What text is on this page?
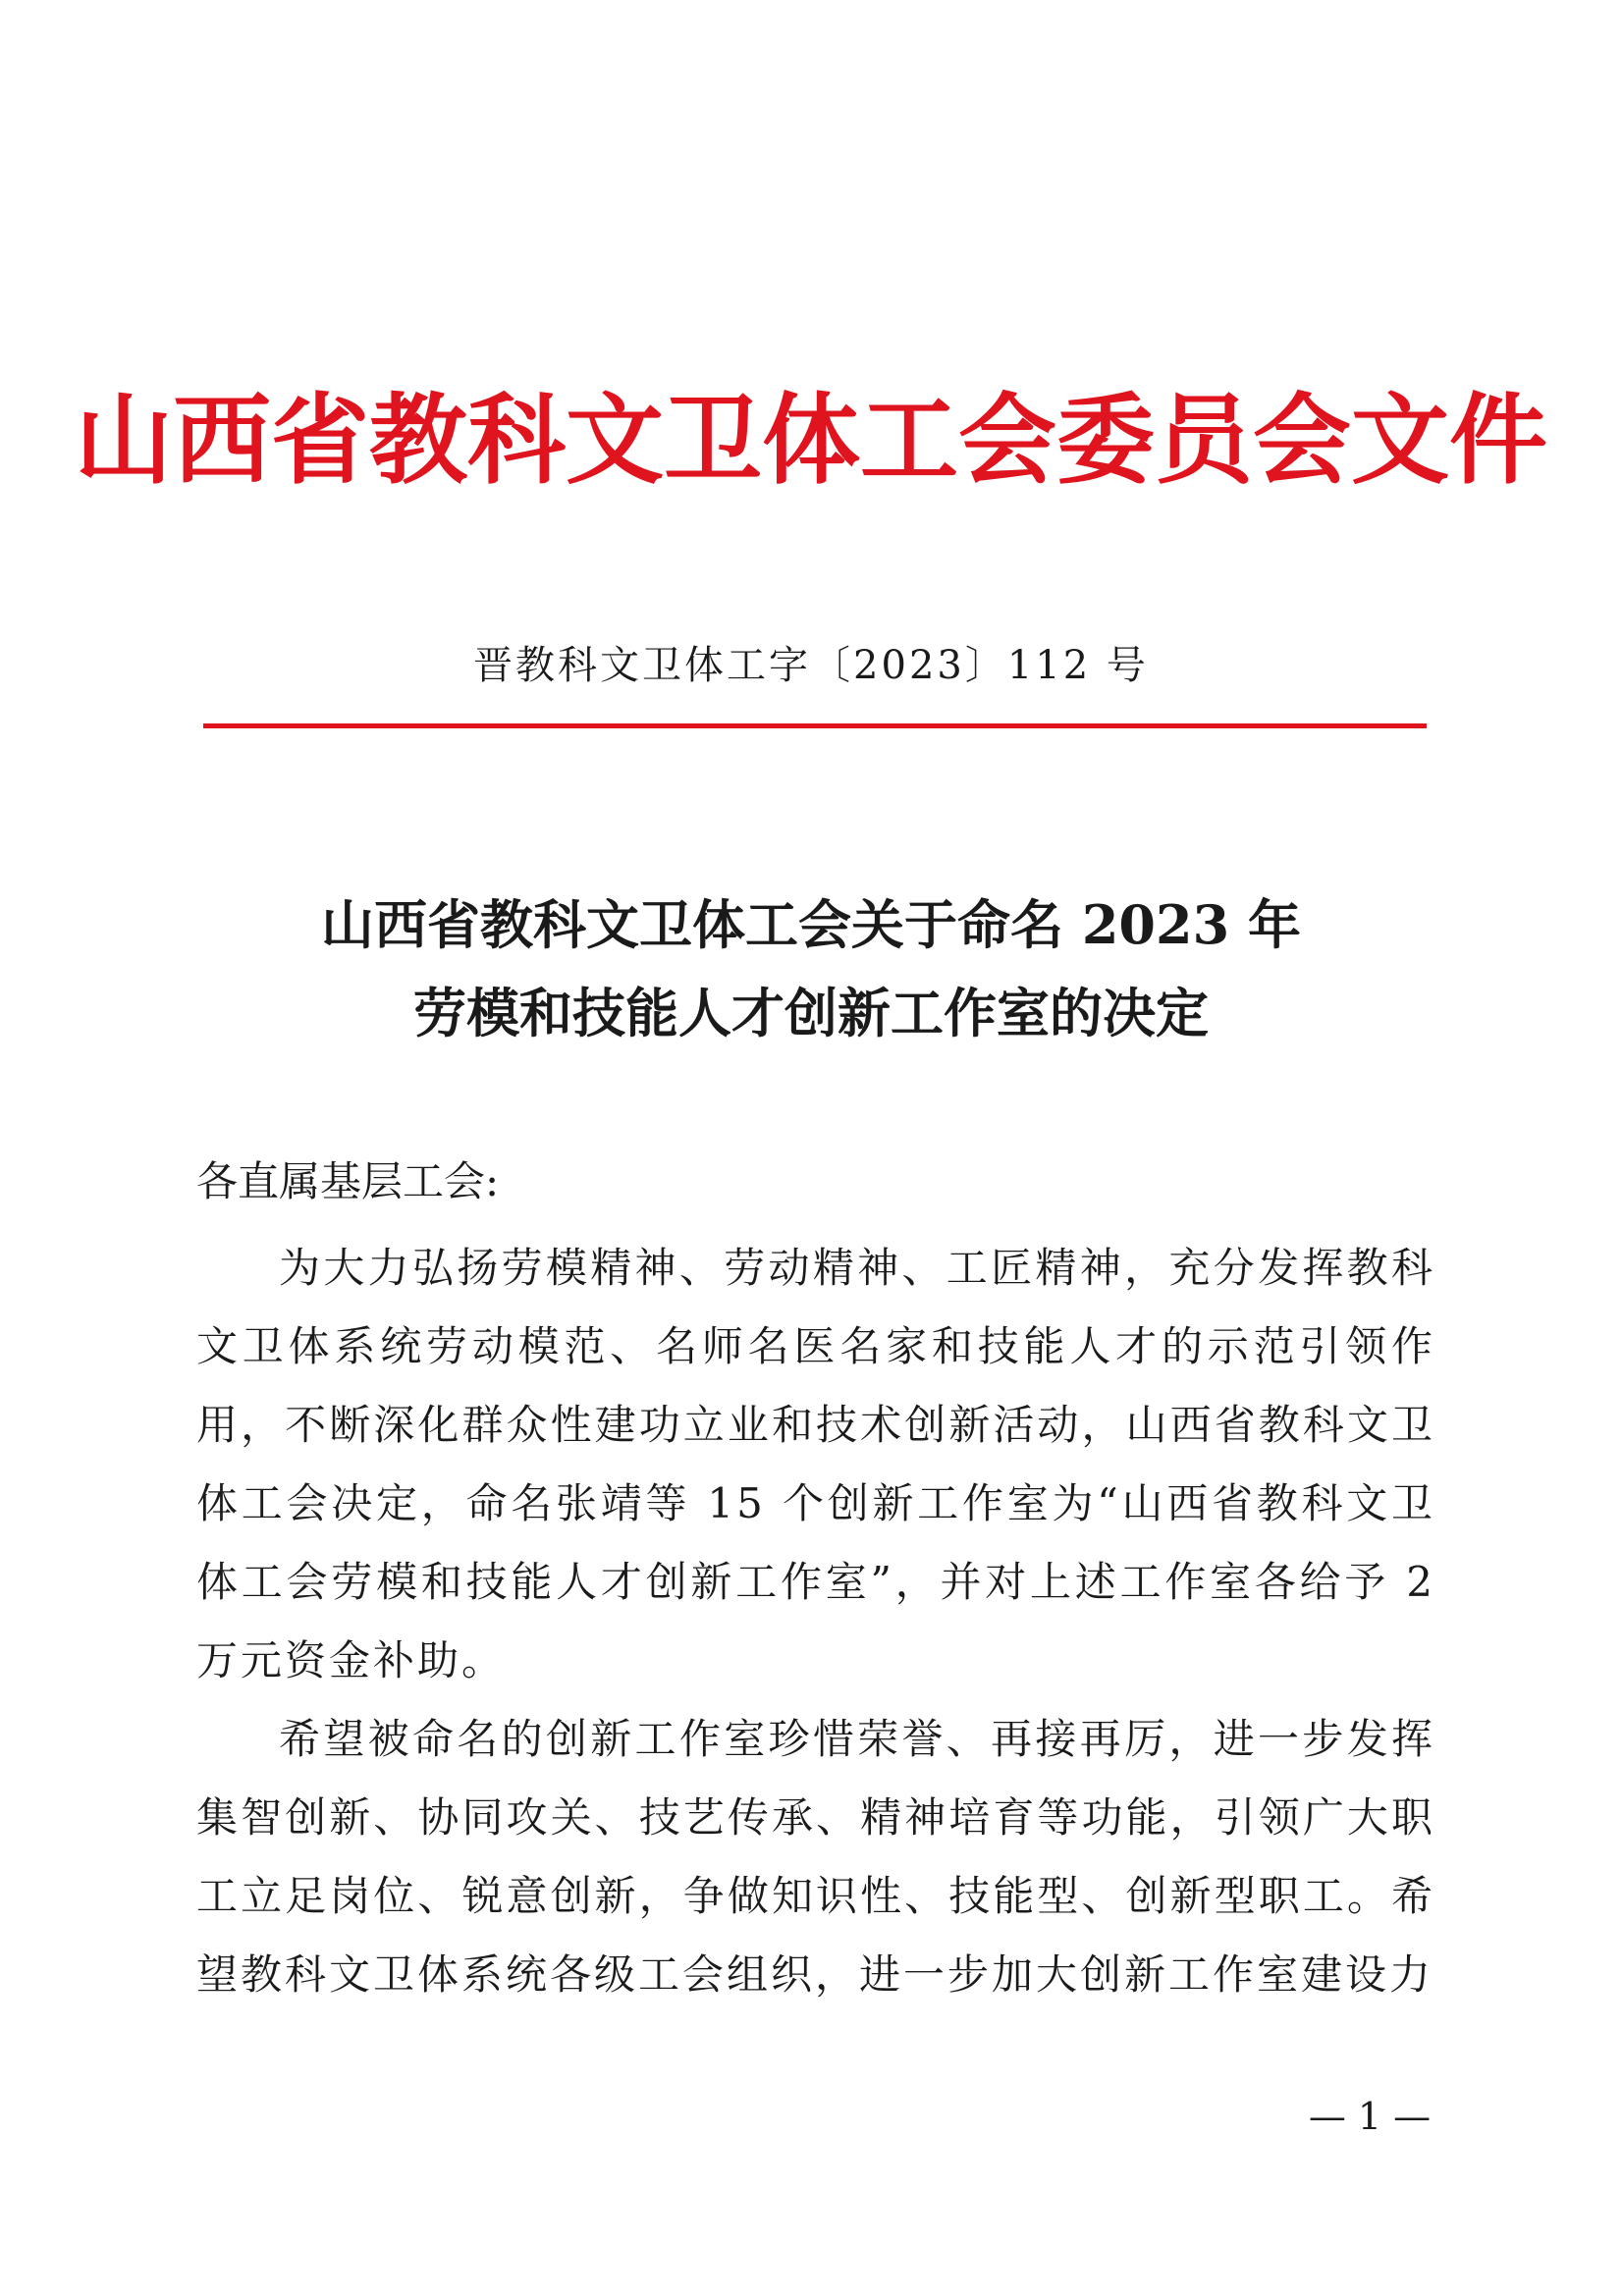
山西省教科文卫体工会委员会文件
晋教科文卫体工字〔2023〕112 号
山西省教科文卫体工会关于命名 2023 年
劳模和技能人才创新工作室的决定
各直属基层工会:

为大力弘扬劳模精神、劳动精神、工匠精神，充分发挥教科文卫体系统劳动模范、名师名医名家和技能人才的示范引领作用，不断深化群众性建功立业和技术创新活动，山西省教科文卫体工会决定，命名张靖等 15 个创新工作室为“山西省教科文卫体工会劳模和技能人才创新工作室”，并对上述工作室各给予 2 万元资金补助。

希望被命名的创新工作室珍惜荣誉、再接再厉，进一步发挥集智创新、协同攻关、技艺传承、精神培育等功能，引领广大职工立足岗位、锐意创新，争做知识性、技能型、创新型职工。希望教科文卫体系统各级工会组织，进一步加大创新工作室建设力

— 1 —
